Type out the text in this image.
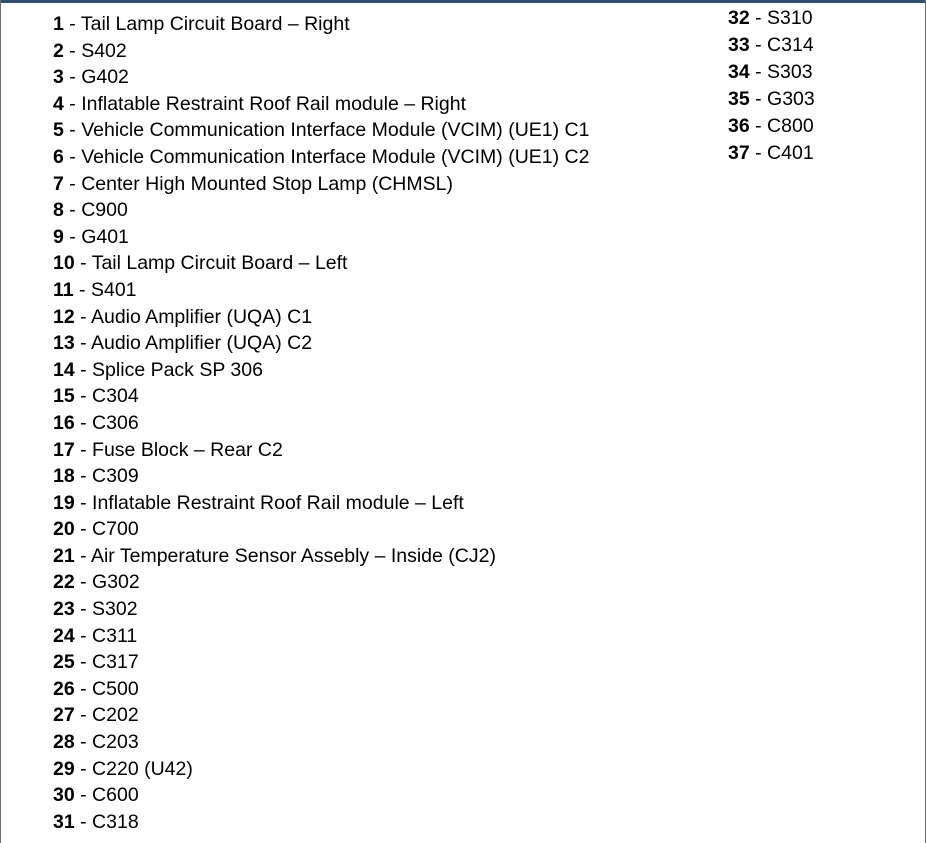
1 - Tail Lamp Circuit Board – Right
2 - S402
3 - G402
4 - Inflatable Restraint Roof Rail module – Right
5 - Vehicle Communication Interface Module (VCIM) (UE1) C1
6 - Vehicle Communication Interface Module (VCIM) (UE1) C2
7 - Center High Mounted Stop Lamp (CHMSL)
8 - C900
9 - G401
10 - Tail Lamp Circuit Board – Left
11 - S401
12 - Audio Amplifier (UQA) C1
13 - Audio Amplifier (UQA) C2
14 - Splice Pack SP 306
15 - C304
16 - C306
17 - Fuse Block – Rear C2
18 - C309
19 - Inflatable Restraint Roof Rail module – Left
20 - C700
21 - Air Temperature Sensor Assebly – Inside (CJ2)
22 - G302
23 - S302
24 - C311
25 - C317
26 - C500
27 - C202
28 - C203
29 - C220 (U42)
30 - C600
31 - C318
32 - S310
33 - C314
34 - S303
35 - G303
36 - C800
37 - C401
